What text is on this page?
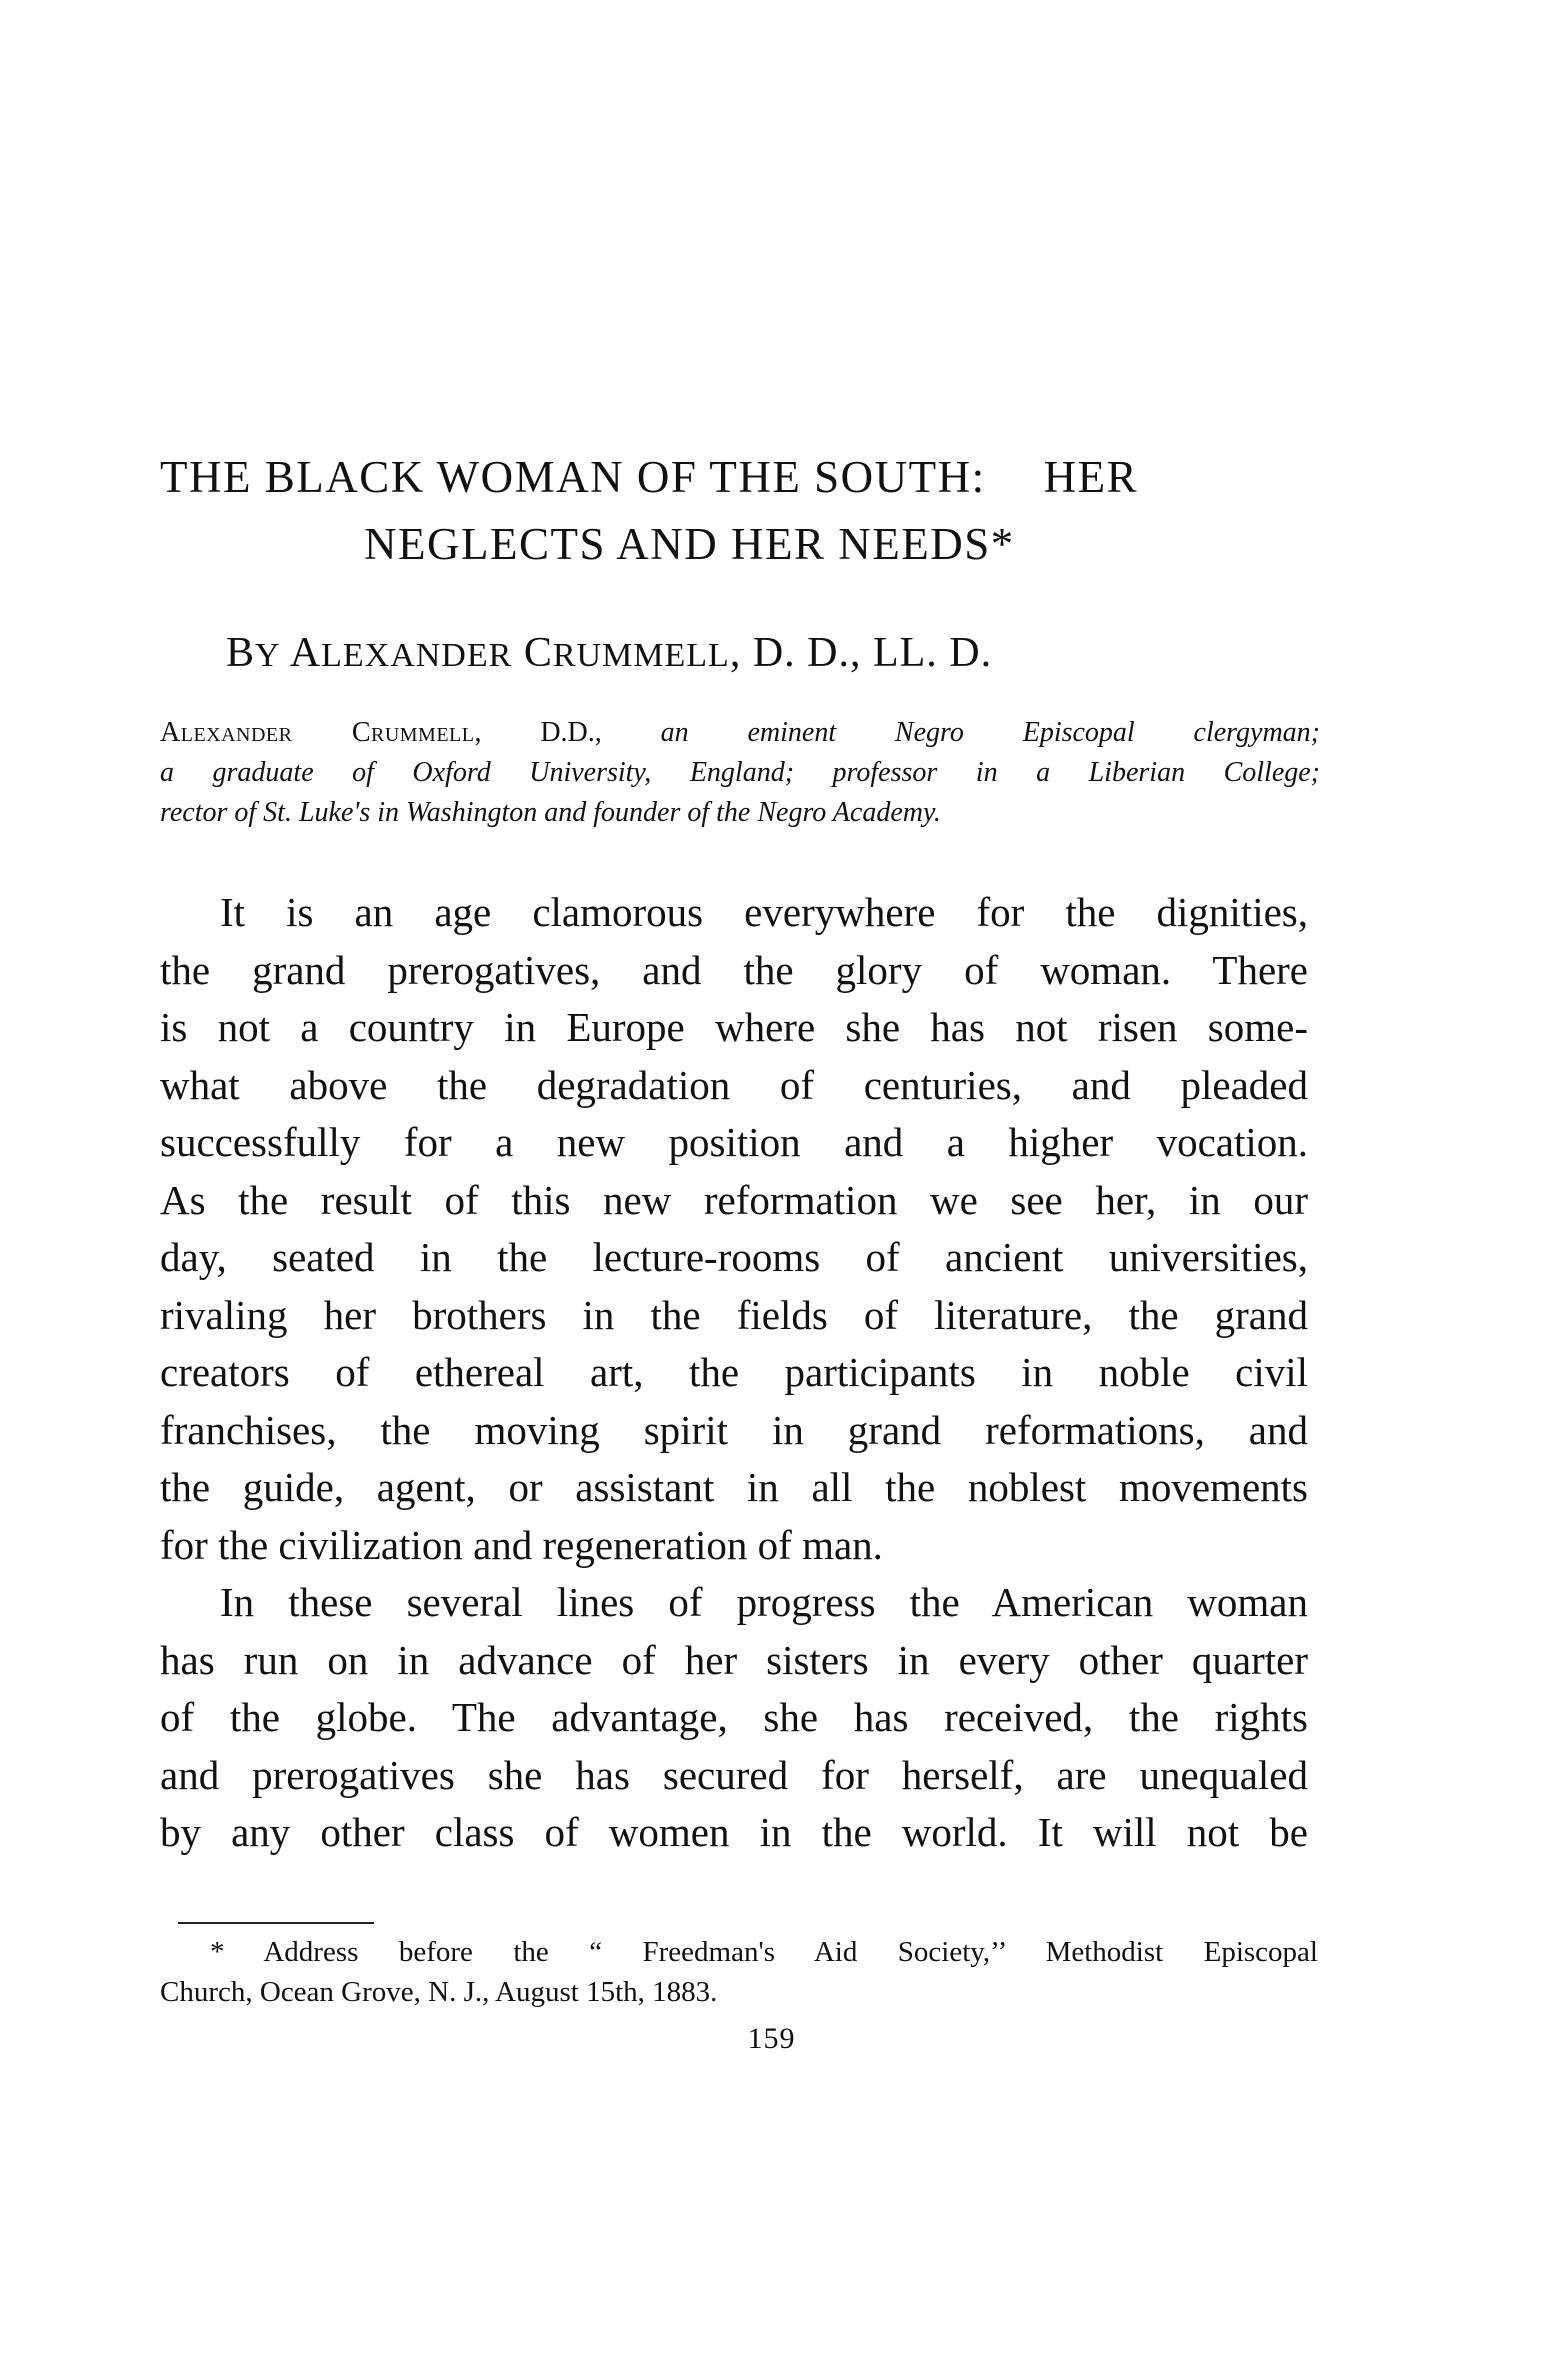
THE BLACK WOMAN OF THE SOUTH: HER
NEGLECTS AND HER NEEDS*
BY ALEXANDER CRUMMELL, D. D., LL. D.
Alexander Crummell, D.D., an eminent Negro Episcopal clergyman;
a graduate of Oxford University, England; professor in a Liberian College;
rector of St. Luke's in Washington and founder of the Negro Academy.
It is an age clamorous everywhere for the dignities,
the grand prerogatives, and the glory of woman. There
is not a country in Europe where she has not risen some-
what above the degradation of centuries, and pleaded
successfully for a new position and a higher vocation.
As the result of this new reformation we see her, in our
day, seated in the lecture-rooms of ancient universities,
rivaling her brothers in the fields of literature, the grand
creators of ethereal art, the participants in noble civil
franchises, the moving spirit in grand reformations, and
the guide, agent, or assistant in all the noblest movements
for the civilization and regeneration of man.
In these several lines of progress the American woman
has run on in advance of her sisters in every other quarter
of the globe. The advantage, she has received, the rights
and prerogatives she has secured for herself, are unequaled
by any other class of women in the world. It will not be
* Address before the “ Freedman's Aid Society,’’ Methodist Episcopal
Church, Ocean Grove, N. J., August 15th, 1883.
159
